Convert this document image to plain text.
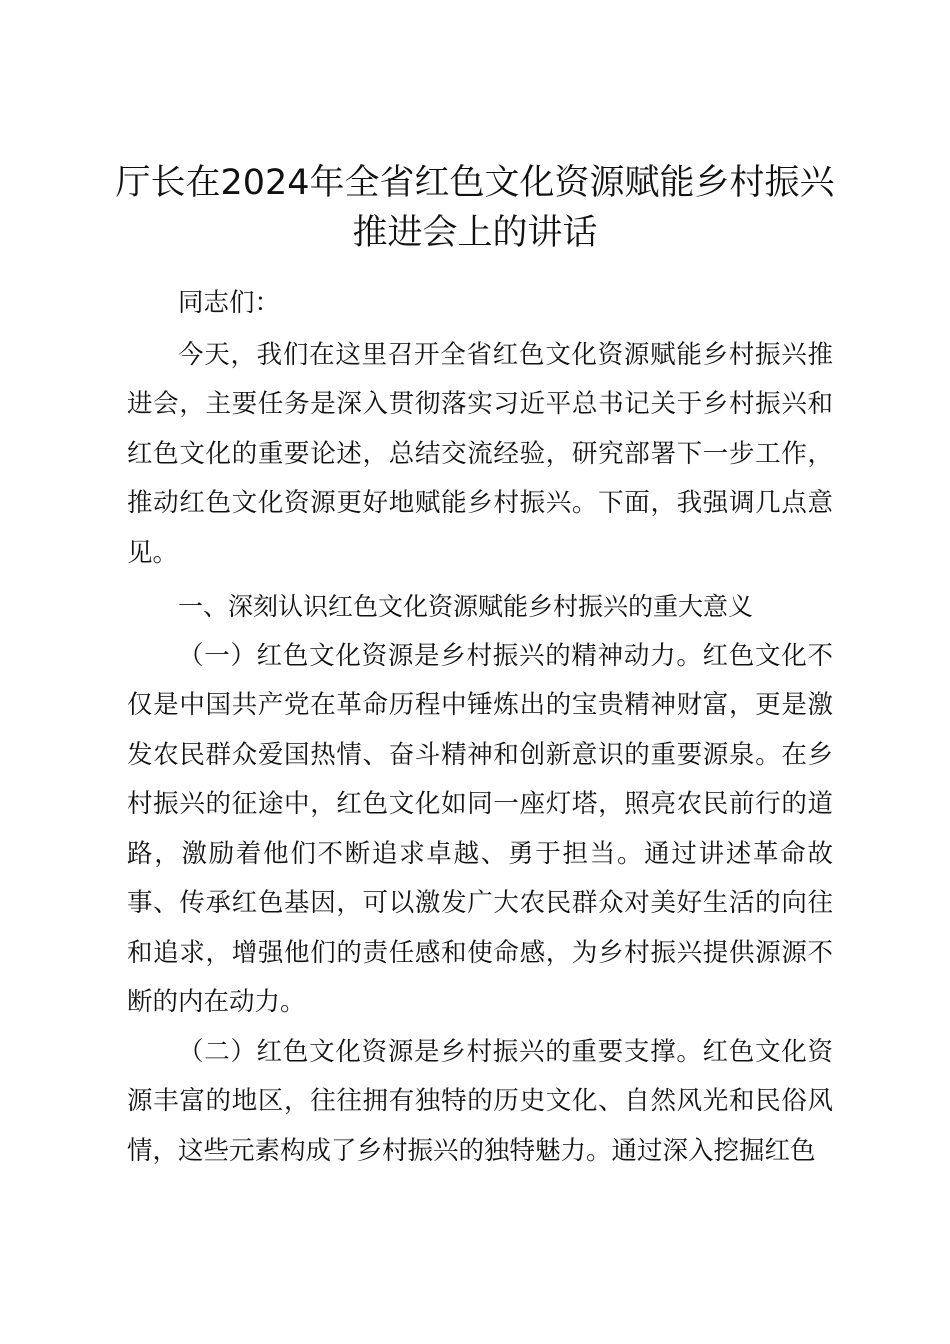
厅长在2024年全省红色文化资源赋能乡村振兴推进会上的讲话

同志们：

今天，我们在这里召开全省红色文化资源赋能乡村振兴推进会，主要任务是深入贯彻落实习近平总书记关于乡村振兴和红色文化的重要论述，总结交流经验，研究部署下一步工作，推动红色文化资源更好地赋能乡村振兴。下面，我强调几点意见。

一、深刻认识红色文化资源赋能乡村振兴的重大意义

（一）红色文化资源是乡村振兴的精神动力。红色文化不仅是中国共产党在革命历程中锤炼出的宝贵精神财富，更是激发农民群众爱国热情、奋斗精神和创新意识的重要源泉。在乡村振兴的征途中，红色文化如同一座灯塔，照亮农民前行的道路，激励着他们不断追求卓越、勇于担当。通过讲述革命故事、传承红色基因，可以激发广大农民群众对美好生活的向往和追求，增强他们的责任感和使命感，为乡村振兴提供源源不断的内在动力。

（二）红色文化资源是乡村振兴的重要支撑。红色文化资源丰富的地区，往往拥有独特的历史文化、自然风光和民俗风情，这些元素构成了乡村振兴的独特魅力。通过深入挖掘红色
